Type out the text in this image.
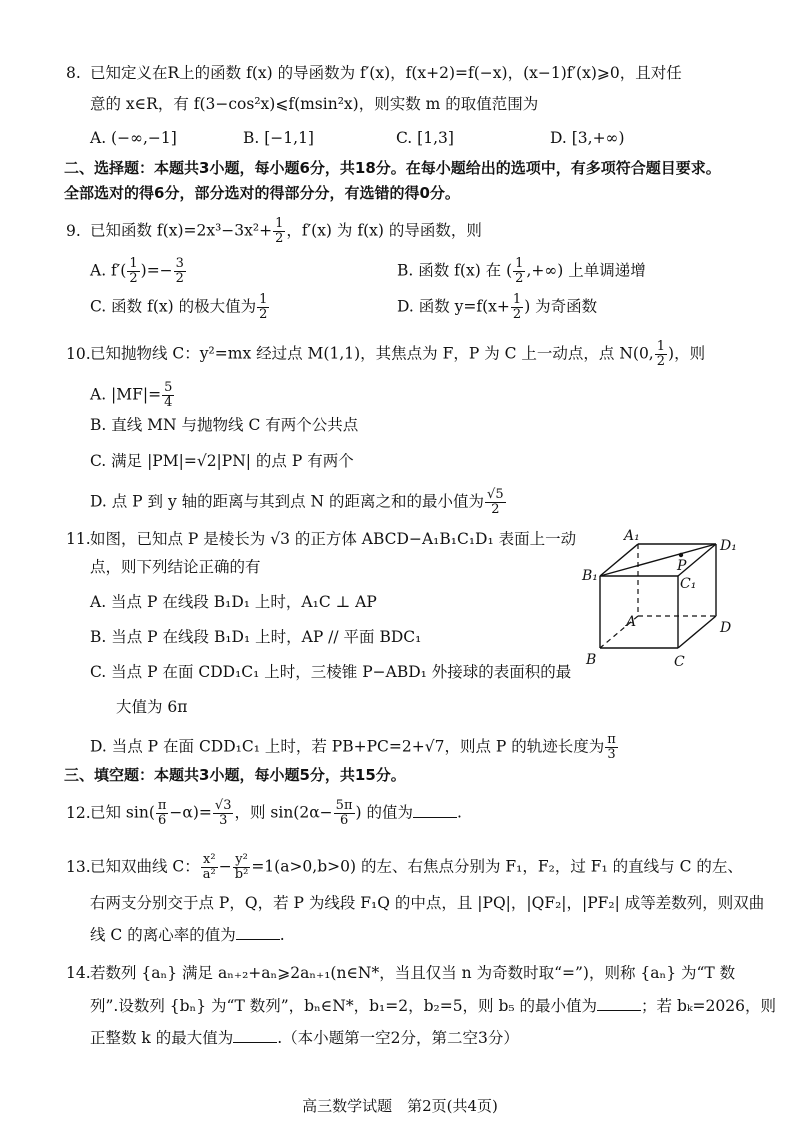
8. 已知定义在R上的函数 f(x) 的导函数为 f′(x)，f(x+2)=f(−x)，(x−1)f′(x)⩾0，且对任
意的 x∈R，有 f(3−cos²x)⩽f(msin²x)，则实数 m 的取值范围为
A. (−∞,−1]	B. [−1,1]	C. [1,3]	D. [3,+∞)
二、选择题：本题共3小题，每小题6分，共18分。在每小题给出的选项中，有多项符合题目要求。
全部选对的得6分，部分选对的得部分分，有选错的得0分。
9. 已知函数 $f(x)=2x^3-3x^2+ \frac{1}{2}$ ，f′(x) 为 f(x) 的导函数，则
A. $f'( \frac{1}{2}$ )=− $\frac{3}{2}$	B. 函数 f(x) 在 ( $\frac{1}{2}$ ,+∞) 上单调递增
C. 函数 f(x) 的极大值为 $\frac{1}{2}$	D. 函数 $y=f(x+ \frac{1}{2}$ ) 为奇函数
10.已知抛物线 C：y²=mx 经过点 M(1,1)，其焦点为 F，P 为 C 上一动点，点 N(0, $\frac{1}{2}$ )，则
A. $|MF|= \frac{5}{4}$
B. 直线 MN 与抛物线 C 有两个公共点
C. 满足 |PM|=√2|PN| 的点 P 有两个
D. 点 P 到 y 轴的距离与其到点 N 的距离之和的最小值为 $\frac{√5}{2}$
11.如图，已知点 P 是棱长为 √3 的正方体 ABCD−A₁B₁C₁D₁ 表面上一动
点，则下列结论正确的有
A. 当点 P 在线段 B₁D₁ 上时，A₁C ⊥ AP
B. 当点 P 在线段 B₁D₁ 上时，AP // 平面 BDC₁
C. 当点 P 在面 CDD₁C₁ 上时，三棱锥 P−ABD₁ 外接球的表面积的最
大值为 6π
D. 当点 P 在面 CDD₁C₁ 上时，若 PB+PC=2+√7，则点 P 的轨迹长度为 $\frac{\pi}{3}$
A₁
D₁
B₁	C₁
P
A	D
B	C
三、填空题：本题共3小题，每小题5分，共15分。
12.已知 $\sin( \frac{\pi}{6} -\alpha)= \frac{√3}{3}$ ，则 $\sin(2\alpha- \frac{5\pi}{6}$ ) 的值为	.
13.已知双曲线 C： $\frac{\text{x²}}{\text{a²}} - \frac{\text{y²}}{\text{b²}} =1(a>0,b>0)$ 的左、右焦点分别为 F₁，F₂，过 F₁ 的直线与 C 的左、
右两支分别交于点 P，Q，若 P 为线段 F₁Q 的中点，且 |PQ|，|QF₂|，|PF₂| 成等差数列，则双曲
线 C 的离心率的值为	.
14.若数列 {aₙ} 满足 aₙ₊₂+aₙ⩾2aₙ₊₁(n∈N*，当且仅当 n 为奇数时取“=”)，则称 {aₙ} 为“T 数
列”.设数列 {bₙ} 为“T 数列”，bₙ∈N*，b₁=2，b₂=5，则 b₅ 的最小值为	；若 bₖ=2026，则
正整数 k 的最大值为	.（本小题第一空2分，第二空3分）
高三数学试题　第2页(共4页)
